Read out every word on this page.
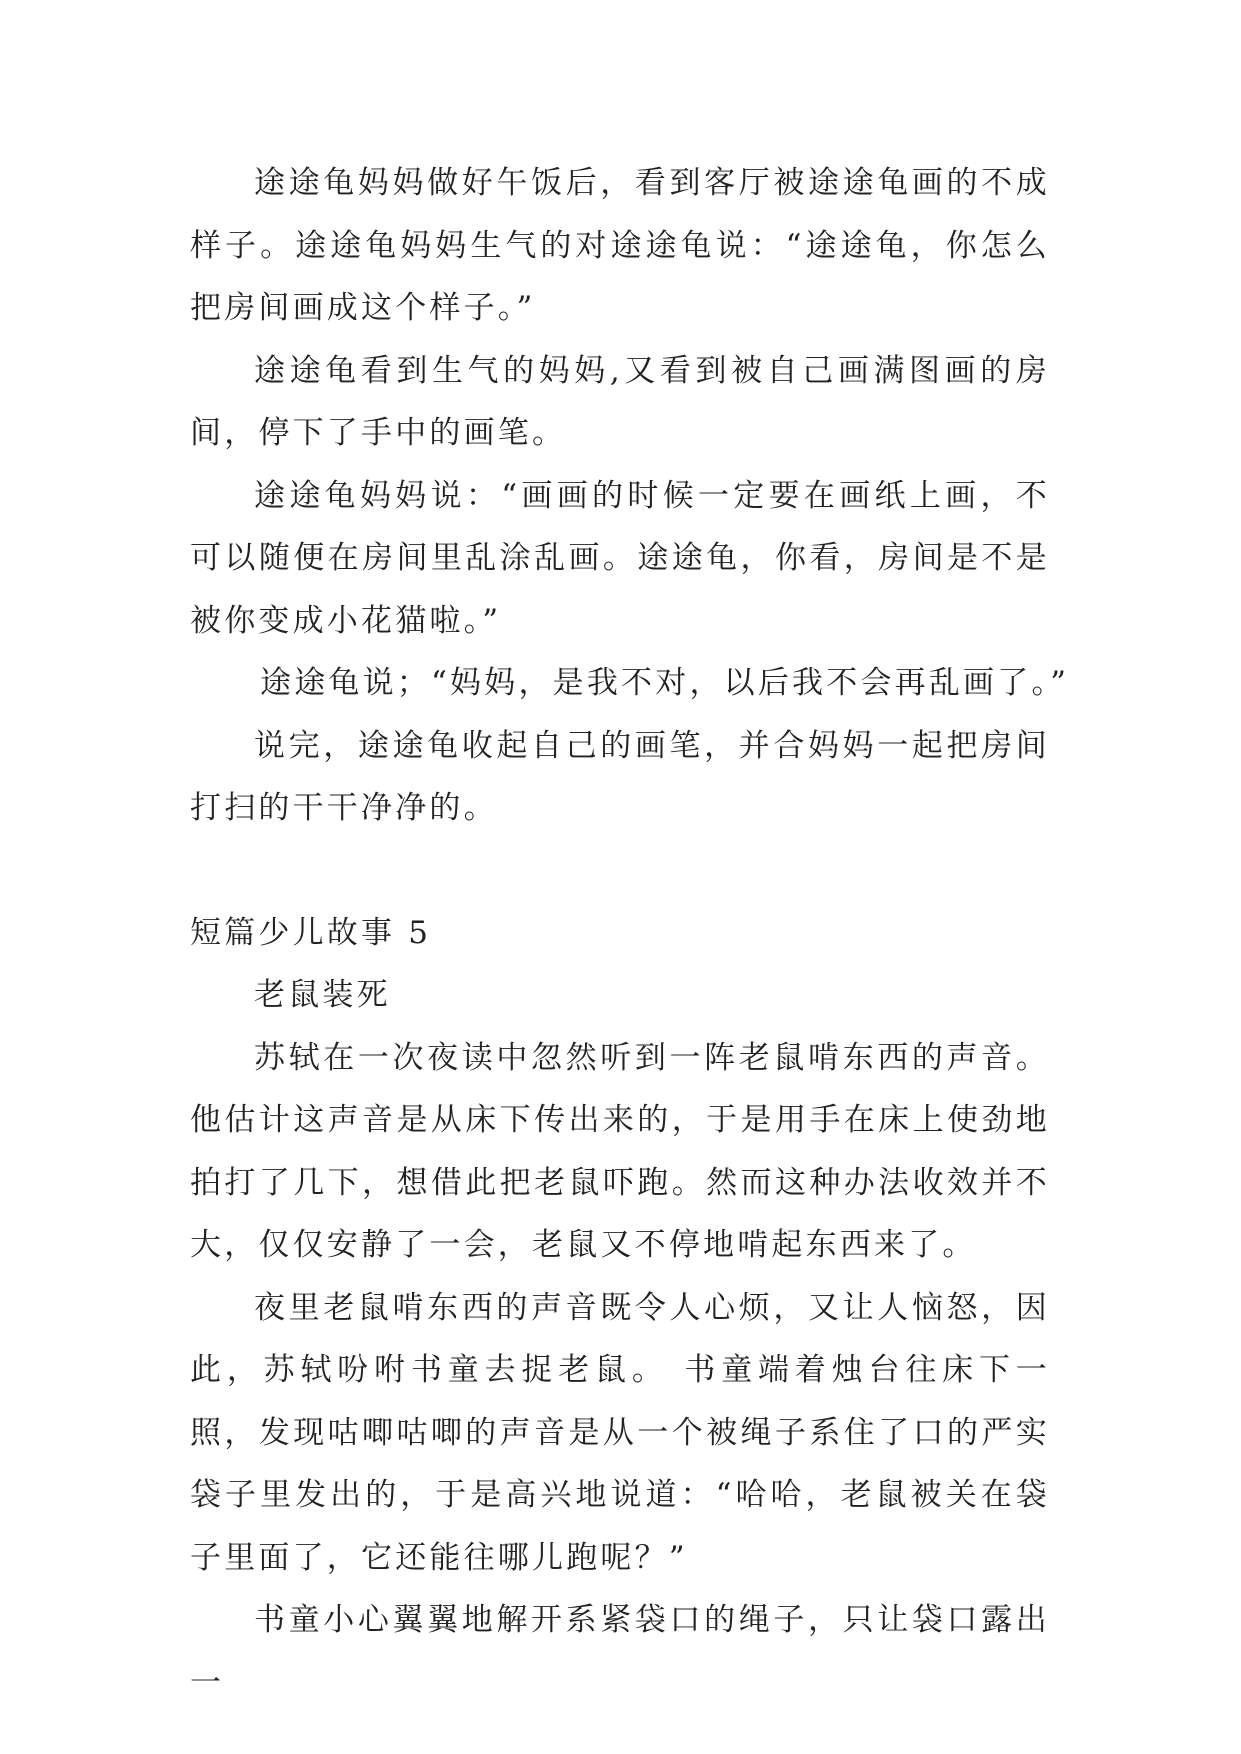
途途龟妈妈做好午饭后，看到客厅被途途龟画的不成样子。途途龟妈妈生气的对途途龟说：“途途龟，你怎么把房间画成这个样子。”

途途龟看到生气的妈妈,又看到被自己画满图画的房间，停下了手中的画笔。

途途龟妈妈说：“画画的时候一定要在画纸上画，不可以随便在房间里乱涂乱画。途途龟，你看，房间是不是被你变成小花猫啦。”

途途龟说；“妈妈，是我不对，以后我不会再乱画了。”

说完，途途龟收起自己的画笔，并合妈妈一起把房间打扫的干干净净的。

短篇少儿故事 5

老鼠装死

苏轼在一次夜读中忽然听到一阵老鼠啃东西的声音。他估计这声音是从床下传出来的，于是用手在床上使劲地拍打了几下，想借此把老鼠吓跑。然而这种办法收效并不大，仅仅安静了一会，老鼠又不停地啃起东西来了。

夜里老鼠啃东西的声音既令人心烦，又让人恼怒，因此，苏轼吩咐书童去捉老鼠。 书童端着烛台往床下一照，发现咕唧咕唧的声音是从一个被绳子系住了口的严实袋子里发出的，于是高兴地说道：“哈哈，老鼠被关在袋子里面了，它还能往哪儿跑呢？”

书童小心翼翼地解开系紧袋口的绳子，只让袋口露出一
